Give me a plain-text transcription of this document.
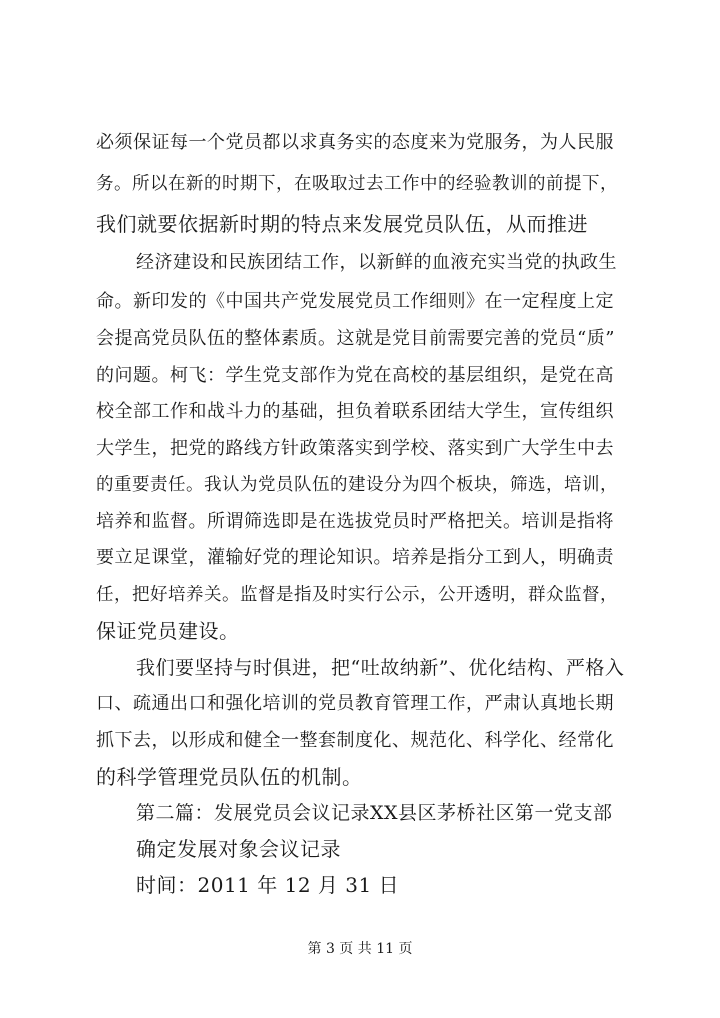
必须保证每一个党员都以求真务实的态度来为党服务，为人民服

务。所以在新的时期下，在吸取过去工作中的经验教训的前提下，

我们就要依据新时期的特点来发展党员队伍，从而推进

经济建设和民族团结工作，以新鲜的血液充实当党的执政生

命。新印发的《中国共产党发展党员工作细则》在一定程度上定

会提高党员队伍的整体素质。这就是党目前需要完善的党员“质”

的问题。柯飞：学生党支部作为党在高校的基层组织，是党在高

校全部工作和战斗力的基础，担负着联系团结大学生，宣传组织

大学生，把党的路线方针政策落实到学校、落实到广大学生中去

的重要责任。我认为党员队伍的建设分为四个板块，筛选，培训，

培养和监督。所谓筛选即是在选拔党员时严格把关。培训是指将

要立足课堂，灌输好党的理论知识。培养是指分工到人，明确责

任，把好培养关。监督是指及时实行公示，公开透明，群众监督，

保证党员建设。

我们要坚持与时俱进，把“吐故纳新”、优化结构、严格入

口、疏通出口和强化培训的党员教育管理工作，严肃认真地长期

抓下去，以形成和健全一整套制度化、规范化、科学化、经常化

的科学管理党员队伍的机制。

第二篇：发展党员会议记录XX县区茅桥社区第一党支部

确定发展对象会议记录

时间：2011 年 12 月 31 日

第 3 页 共 11 页
